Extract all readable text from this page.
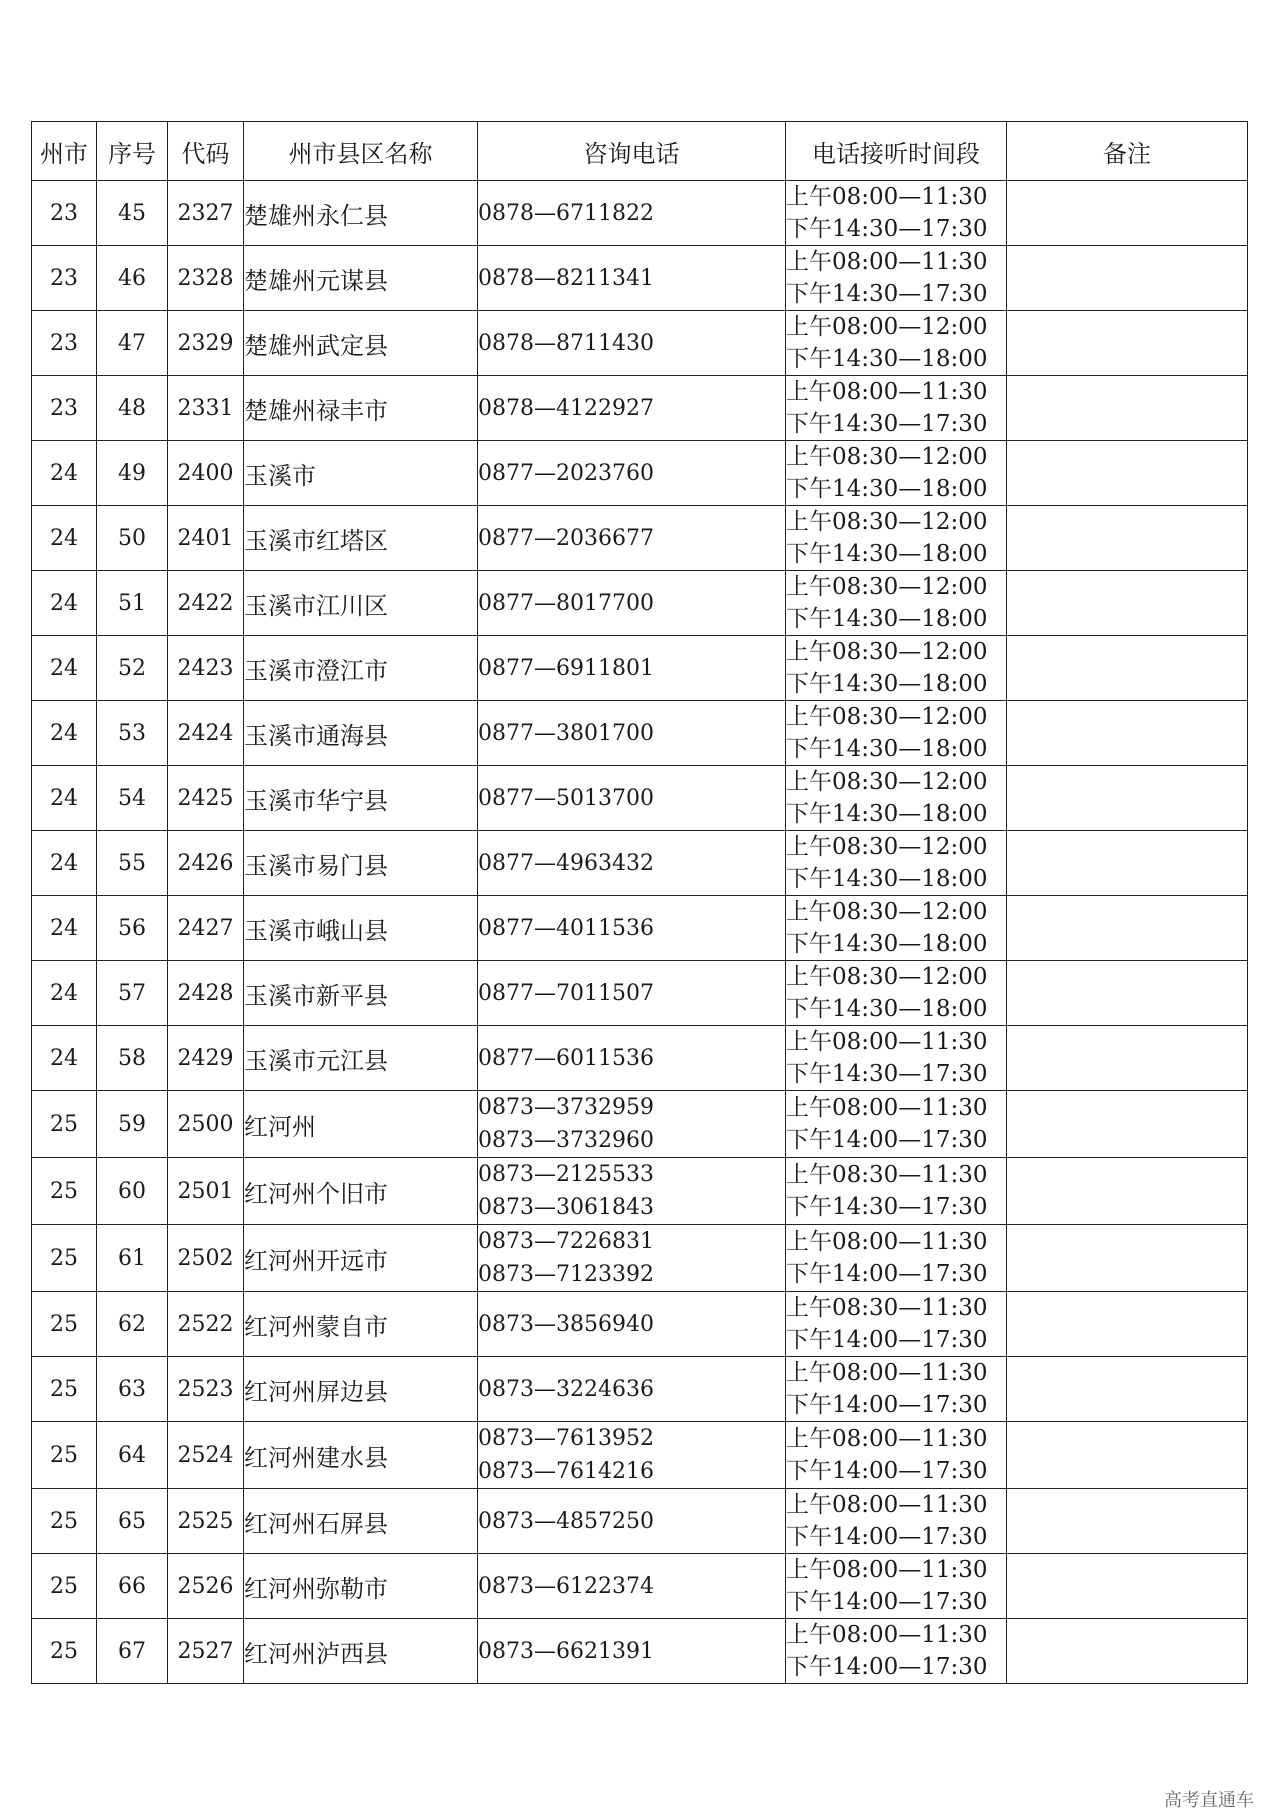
州市	序号	代码	州市县区名称	咨询电话	电话接听时间段	备注
23	45	2327	楚雄州永仁县	0878—6711822	上午08:00—11:30
下午14:30—17:30	

23	46	2328	楚雄州元谋县	0878—8211341	上午08:00—11:30
下午14:30—17:30	

23	47	2329	楚雄州武定县	0878—8711430	上午08:00—12:00
下午14:30—18:00	

23	48	2331	楚雄州禄丰市	0878—4122927	上午08:00—11:30
下午14:30—17:30	

24	49	2400	玉溪市	0877—2023760	上午08:30—12:00
下午14:30—18:00	

24	50	2401	玉溪市红塔区	0877—2036677	上午08:30—12:00
下午14:30—18:00	

24	51	2422	玉溪市江川区	0877—8017700	上午08:30—12:00
下午14:30—18:00	

24	52	2423	玉溪市澄江市	0877—6911801	上午08:30—12:00
下午14:30—18:00	

24	53	2424	玉溪市通海县	0877—3801700	上午08:30—12:00
下午14:30—18:00	

24	54	2425	玉溪市华宁县	0877—5013700	上午08:30—12:00
下午14:30—18:00	

24	55	2426	玉溪市易门县	0877—4963432	上午08:30—12:00
下午14:30—18:00	

24	56	2427	玉溪市峨山县	0877—4011536	上午08:30—12:00
下午14:30—18:00	

24	57	2428	玉溪市新平县	0877—7011507	上午08:30—12:00
下午14:30—18:00	

24	58	2429	玉溪市元江县	0877—6011536	上午08:00—11:30
下午14:30—17:30	

25	59	2500	红河州	0873—3732959
0873—3732960	上午08:00—11:30
下午14:00—17:30	

25	60	2501	红河州个旧市	0873—2125533
0873—3061843	上午08:30—11:30
下午14:30—17:30	

25	61	2502	红河州开远市	0873—7226831
0873—7123392	上午08:00—11:30
下午14:00—17:30	

25	62	2522	红河州蒙自市	0873—3856940	上午08:30—11:30
下午14:00—17:30	

25	63	2523	红河州屏边县	0873—3224636	上午08:00—11:30
下午14:00—17:30	

25	64	2524	红河州建水县	0873—7613952
0873—7614216	上午08:00—11:30
下午14:00—17:30	

25	65	2525	红河州石屏县	0873—4857250	上午08:00—11:30
下午14:00—17:30	

25	66	2526	红河州弥勒市	0873—6122374	上午08:00—11:30
下午14:00—17:30	

25	67	2527	红河州泸西县	0873—6621391	上午08:00—11:30
下午14:00—17:30	

高考直通车
